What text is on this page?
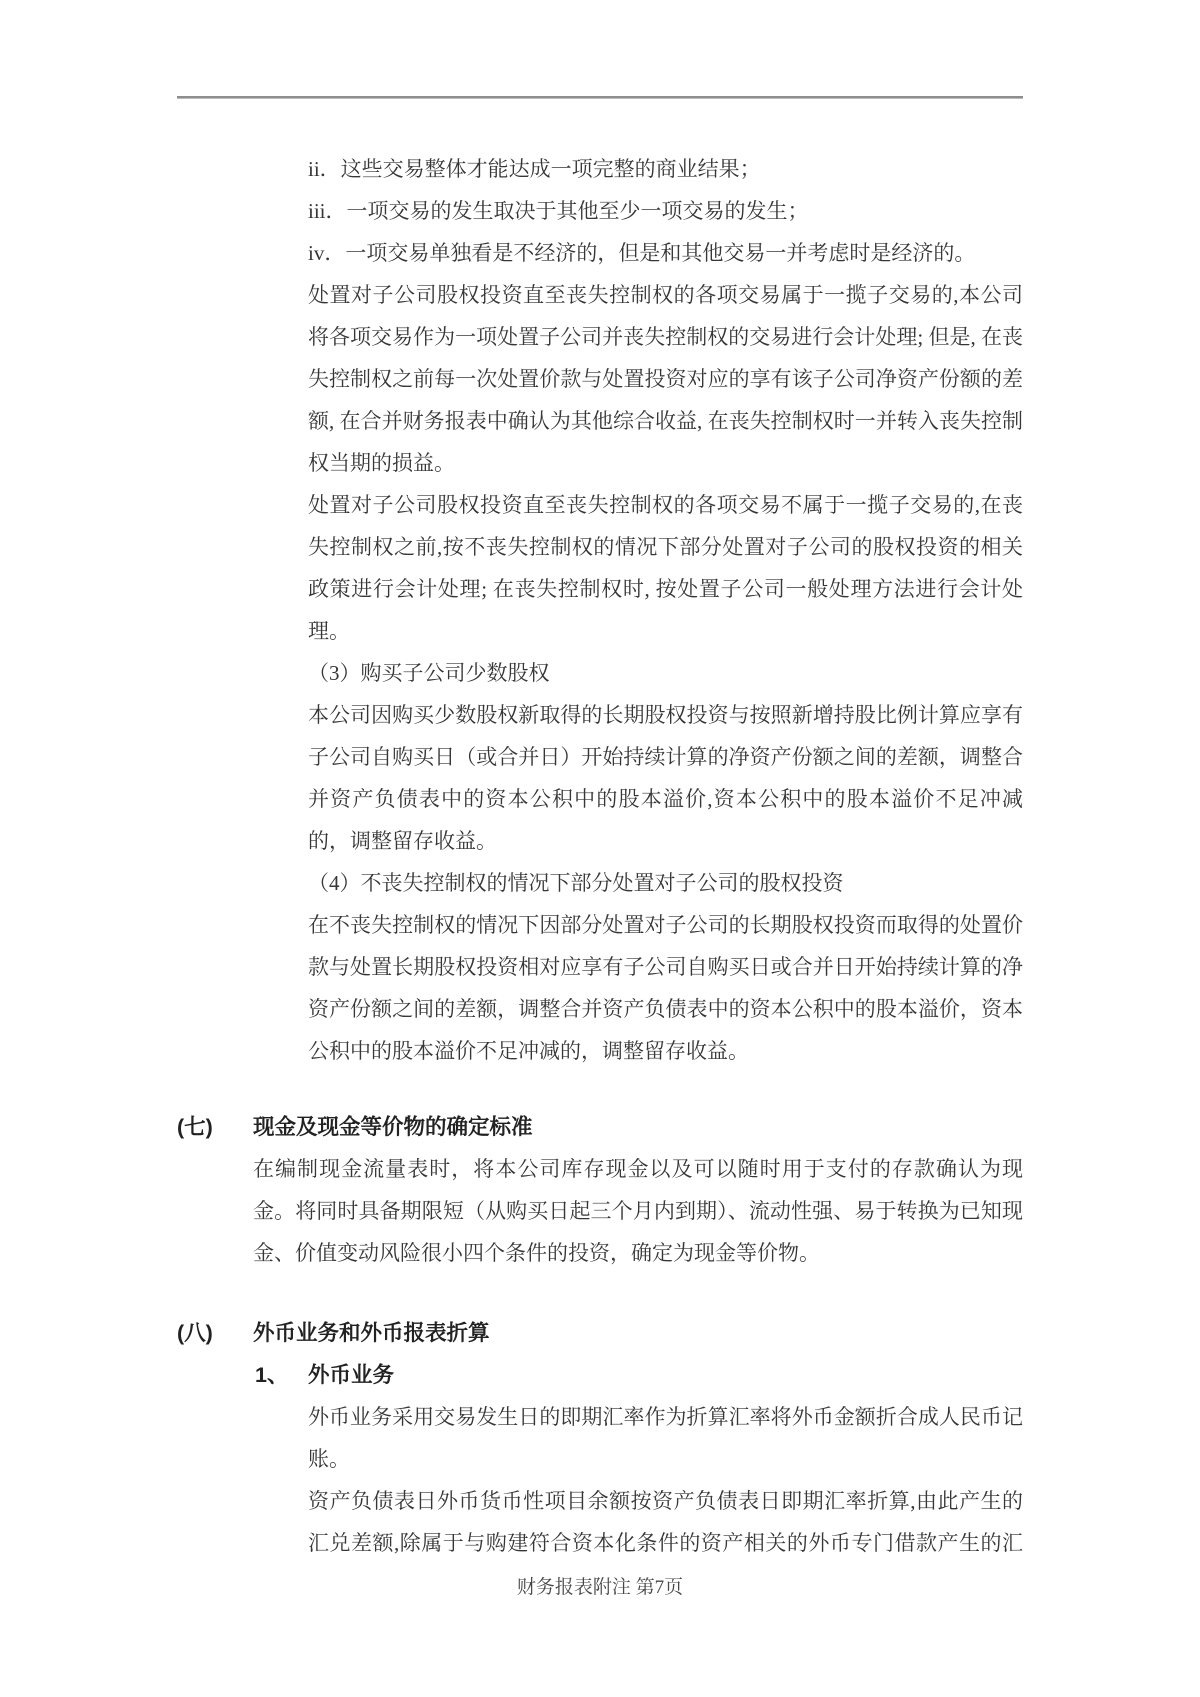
ii．这些交易整体才能达成一项完整的商业结果；
iii．一项交易的发生取决于其他至少一项交易的发生；
iv．一项交易单独看是不经济的，但是和其他交易一并考虑时是经济的。

处置对子公司股权投资直至丧失控制权的各项交易属于一揽子交易的,本公司将各项交易作为一项处置子公司并丧失控制权的交易进行会计处理; 但是, 在丧失控制权之前每一次处置价款与处置投资对应的享有该子公司净资产份额的差额, 在合并财务报表中确认为其他综合收益, 在丧失控制权时一并转入丧失控制权当期的损益。

处置对子公司股权投资直至丧失控制权的各项交易不属于一揽子交易的,在丧失控制权之前,按不丧失控制权的情况下部分处置对子公司的股权投资的相关政策进行会计处理; 在丧失控制权时, 按处置子公司一般处理方法进行会计处理。

（3）购买子公司少数股权

本公司因购买少数股权新取得的长期股权投资与按照新增持股比例计算应享有子公司自购买日（或合并日）开始持续计算的净资产份额之间的差额，调整合并资产负债表中的资本公积中的股本溢价,资本公积中的股本溢价不足冲减的，调整留存收益。

（4）不丧失控制权的情况下部分处置对子公司的股权投资

在不丧失控制权的情况下因部分处置对子公司的长期股权投资而取得的处置价款与处置长期股权投资相对应享有子公司自购买日或合并日开始持续计算的净资产份额之间的差额，调整合并资产负债表中的资本公积中的股本溢价，资本公积中的股本溢价不足冲减的，调整留存收益。

(七)	现金及现金等价物的确定标准

在编制现金流量表时，将本公司库存现金以及可以随时用于支付的存款确认为现金。将同时具备期限短（从购买日起三个月内到期）、流动性强、易于转换为已知现金、价值变动风险很小四个条件的投资，确定为现金等价物。

(八)	外币业务和外币报表折算
1、 外币业务

外币业务采用交易发生日的即期汇率作为折算汇率将外币金额折合成人民币记账。

资产负债表日外币货币性项目余额按资产负债表日即期汇率折算,由此产生的汇兑差额,除属于与购建符合资本化条件的资产相关的外币专门借款产生的汇

财务报表附注 第7页
